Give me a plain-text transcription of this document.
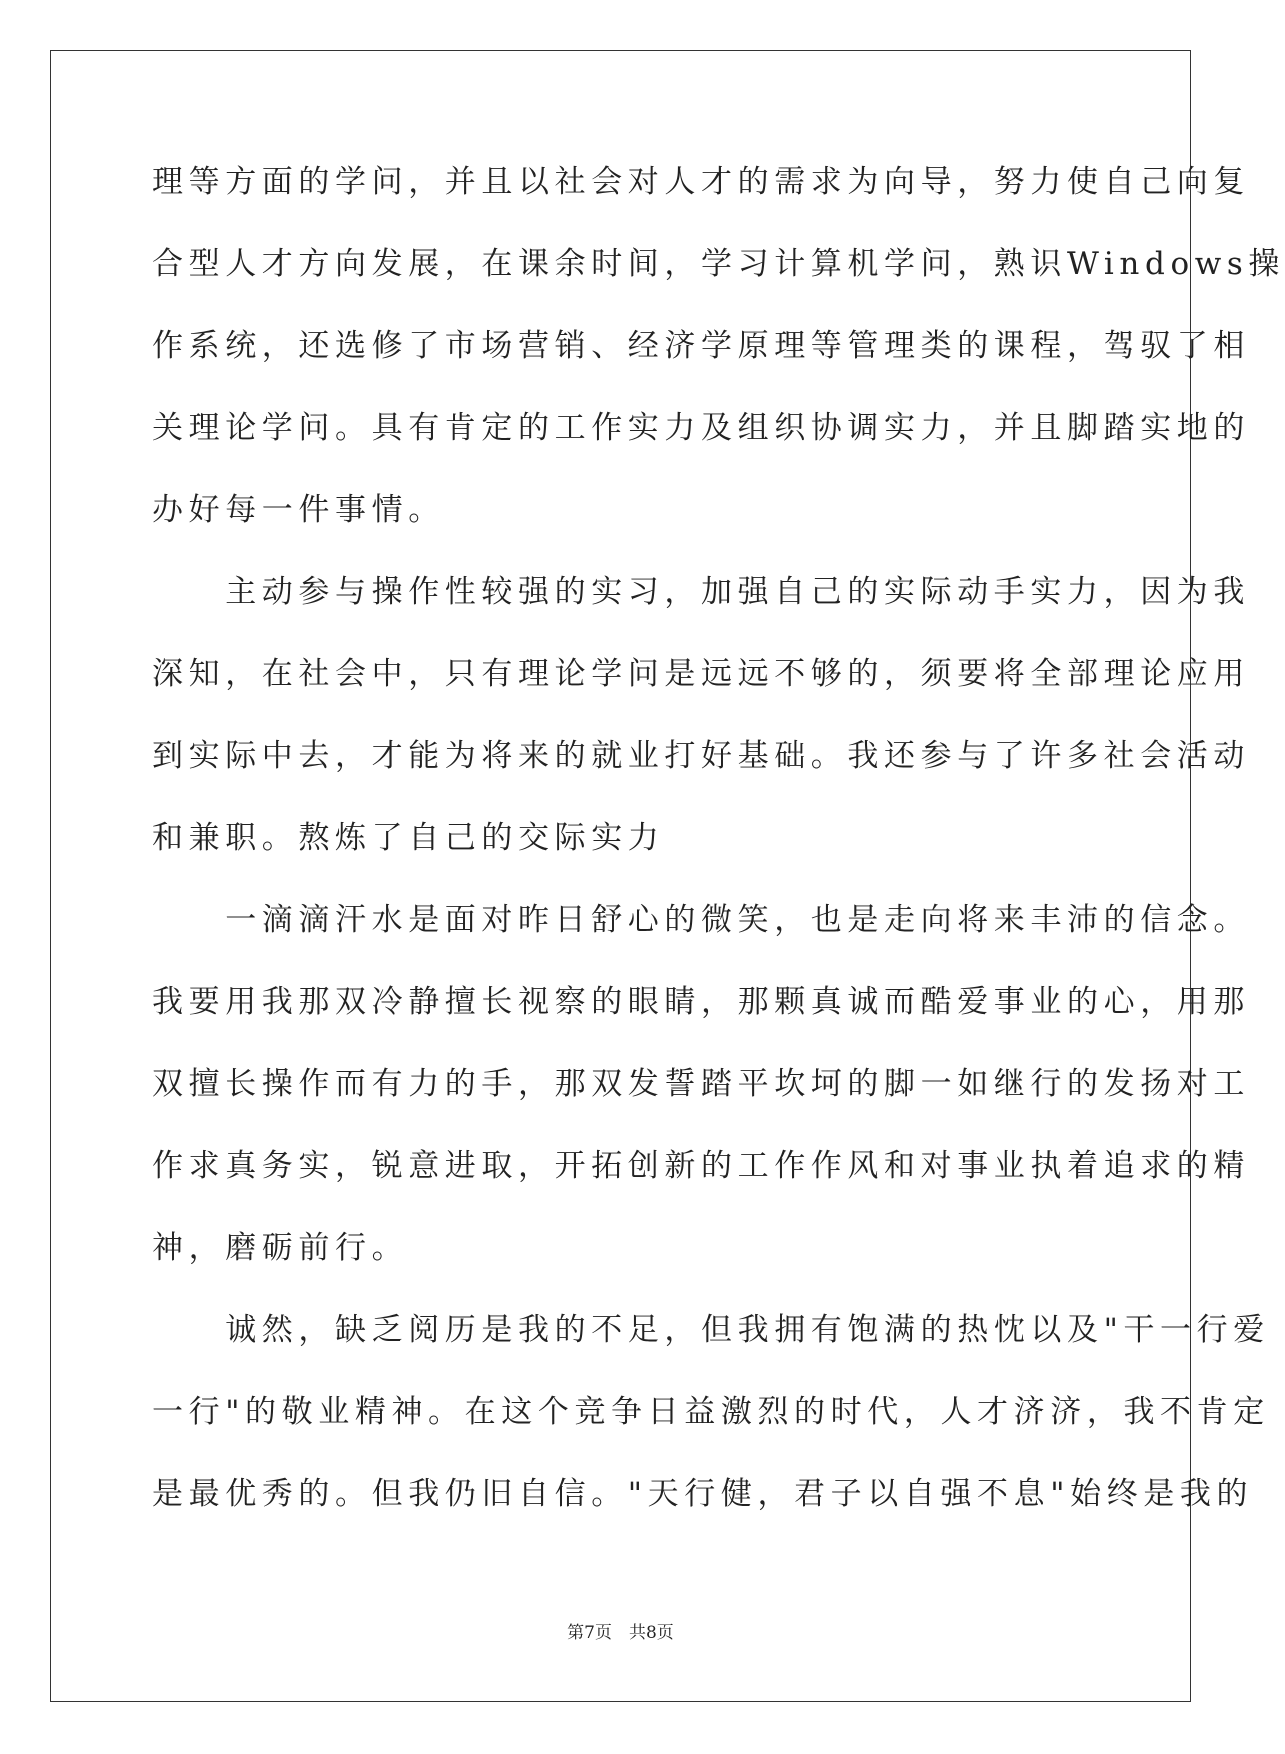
理等方面的学问，并且以社会对人才的需求为向导，努力使自己向复
合型人才方向发展，在课余时间，学习计算机学问，熟识Windows操
作系统，还选修了市场营销、经济学原理等管理类的课程，驾驭了相
关理论学问。具有肯定的工作实力及组织协调实力，并且脚踏实地的
办好每一件事情。
　　主动参与操作性较强的实习，加强自己的实际动手实力，因为我
深知，在社会中，只有理论学问是远远不够的，须要将全部理论应用
到实际中去，才能为将来的就业打好基础。我还参与了许多社会活动
和兼职。熬炼了自己的交际实力
　　一滴滴汗水是面对昨日舒心的微笑，也是走向将来丰沛的信念。
我要用我那双冷静擅长视察的眼睛，那颗真诚而酷爱事业的心，用那
双擅长操作而有力的手，那双发誓踏平坎坷的脚一如继行的发扬对工
作求真务实，锐意进取，开拓创新的工作作风和对事业执着追求的精
神，磨砺前行。
　　诚然，缺乏阅历是我的不足，但我拥有饱满的热忱以及"干一行爱
一行"的敬业精神。在这个竞争日益激烈的时代，人才济济，我不肯定
是最优秀的。但我仍旧自信。"天行健，君子以自强不息"始终是我的
第7页　共8页
